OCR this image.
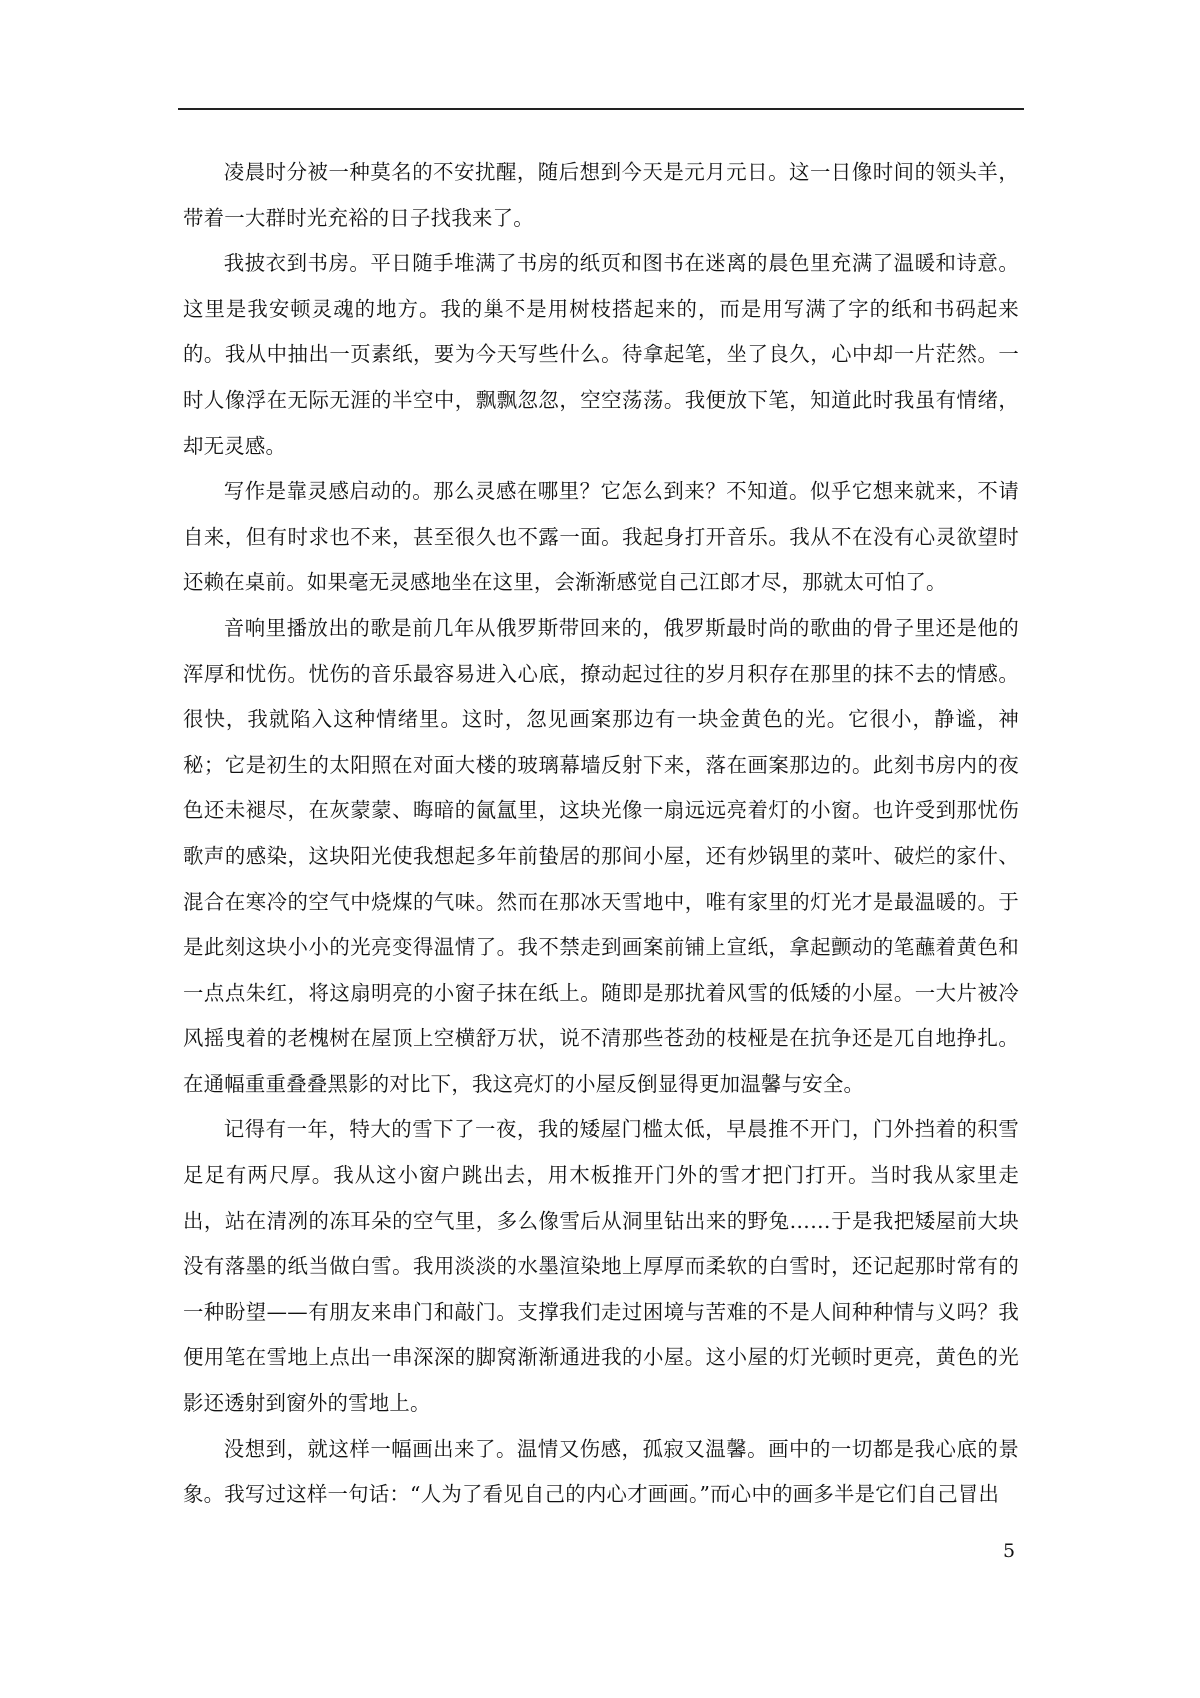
凌晨时分被一种莫名的不安扰醒，随后想到今天是元月元日。这一日像时间的领头羊，带着一大群时光充裕的日子找我来了。

我披衣到书房。平日随手堆满了书房的纸页和图书在迷离的晨色里充满了温暖和诗意。这里是我安顿灵魂的地方。我的巢不是用树枝搭起来的，而是用写满了字的纸和书码起来的。我从中抽出一页素纸，要为今天写些什么。待拿起笔，坐了良久，心中却一片茫然。一时人像浮在无际无涯的半空中，飘飘忽忽，空空荡荡。我便放下笔，知道此时我虽有情绪，却无灵感。

写作是靠灵感启动的。那么灵感在哪里？它怎么到来？不知道。似乎它想来就来，不请自来，但有时求也不来，甚至很久也不露一面。我起身打开音乐。我从不在没有心灵欲望时还赖在桌前。如果毫无灵感地坐在这里，会渐渐感觉自己江郎才尽，那就太可怕了。

音响里播放出的歌是前几年从俄罗斯带回来的，俄罗斯最时尚的歌曲的骨子里还是他的浑厚和忧伤。忧伤的音乐最容易进入心底，撩动起过往的岁月积存在那里的抹不去的情感。很快，我就陷入这种情绪里。这时，忽见画案那边有一块金黄色的光。它很小，静谧，神秘；它是初生的太阳照在对面大楼的玻璃幕墙反射下来，落在画案那边的。此刻书房内的夜色还未褪尽，在灰蒙蒙、晦暗的氤氲里，这块光像一扇远远亮着灯的小窗。也许受到那忧伤歌声的感染，这块阳光使我想起多年前蛰居的那间小屋，还有炒锅里的菜叶、破烂的家什、混合在寒冷的空气中烧煤的气味。然而在那冰天雪地中，唯有家里的灯光才是最温暖的。于是此刻这块小小的光亮变得温情了。我不禁走到画案前铺上宣纸，拿起颤动的笔蘸着黄色和一点点朱红，将这扇明亮的小窗子抹在纸上。随即是那扰着风雪的低矮的小屋。一大片被冷风摇曳着的老槐树在屋顶上空横舒万状，说不清那些苍劲的枝桠是在抗争还是兀自地挣扎。在通幅重重叠叠黑影的对比下，我这亮灯的小屋反倒显得更加温馨与安全。

记得有一年，特大的雪下了一夜，我的矮屋门槛太低，早晨推不开门，门外挡着的积雪足足有两尺厚。我从这小窗户跳出去，用木板推开门外的雪才把门打开。当时我从家里走出，站在清冽的冻耳朵的空气里，多么像雪后从洞里钻出来的野兔……于是我把矮屋前大块没有落墨的纸当做白雪。我用淡淡的水墨渲染地上厚厚而柔软的白雪时，还记起那时常有的一种盼望——有朋友来串门和敲门。支撑我们走过困境与苦难的不是人间种种情与义吗？我便用笔在雪地上点出一串深深的脚窝渐渐通进我的小屋。这小屋的灯光顿时更亮，黄色的光影还透射到窗外的雪地上。

没想到，就这样一幅画出来了。温情又伤感，孤寂又温馨。画中的一切都是我心底的景象。我写过这样一句话：“人为了看见自己的内心才画画。”而心中的画多半是它们自己冒出

5
